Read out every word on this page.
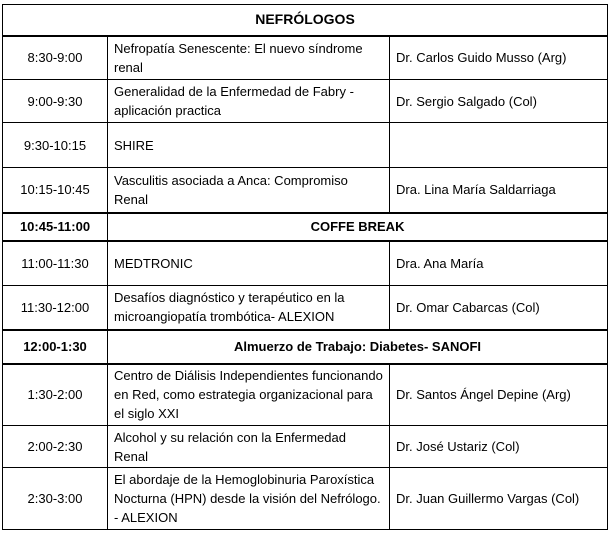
NEFRÓLOGOS		
8:30-9:00	Nefropatía Senescente: El nuevo síndrome renal	Dr. Carlos Guido Musso (Arg)
9:00-9:30	Generalidad de la Enfermedad de Fabry - aplicación practica	Dr. Sergio Salgado (Col)
9:30-10:15	SHIRE	
10:15-10:45	Vasculitis asociada a Anca: Compromiso Renal	Dra. Lina María Saldarriaga
10:45-11:00	COFFE BREAK	
11:00-11:30	MEDTRONIC	Dra. Ana María
11:30-12:00	Desafíos diagnóstico y terapéutico en la microangiopatía trombótica- ALEXION	Dr. Omar Cabarcas (Col)
12:00-1:30	Almuerzo de Trabajo: Diabetes- SANOFI	
1:30-2:00	Centro de Diálisis Independientes funcionando en Red, como estrategia organizacional para el siglo XXI	Dr. Santos Ángel Depine (Arg)
2:00-2:30	Alcohol y su relación con la Enfermedad Renal	Dr. José Ustariz (Col)
2:30-3:00	El abordaje de la Hemoglobinuria Paroxística Nocturna (HPN) desde la visión del Nefrólogo. - ALEXION	Dr. Juan Guillermo Vargas (Col)
